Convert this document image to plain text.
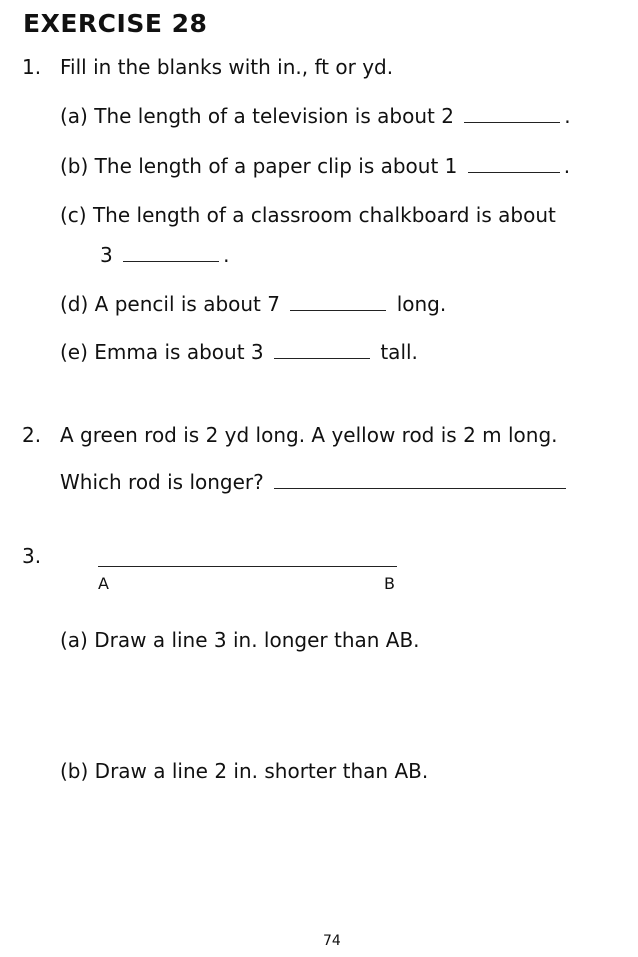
EXERCISE 28
1. Fill in the blanks with in., ft or yd.
(a) The length of a television is about 2	.
(b) The length of a paper clip is about 1	.
(c) The length of a classroom chalkboard is about
3	.
(d) A pencil is about 7	long.
(e) Emma is about 3	tall.
2. A green rod is 2 yd long. A yellow rod is 2 m long.
Which rod is longer?
3.
A	B
(a) Draw a line 3 in. longer than AB.
(b) Draw a line 2 in. shorter than AB.
74
